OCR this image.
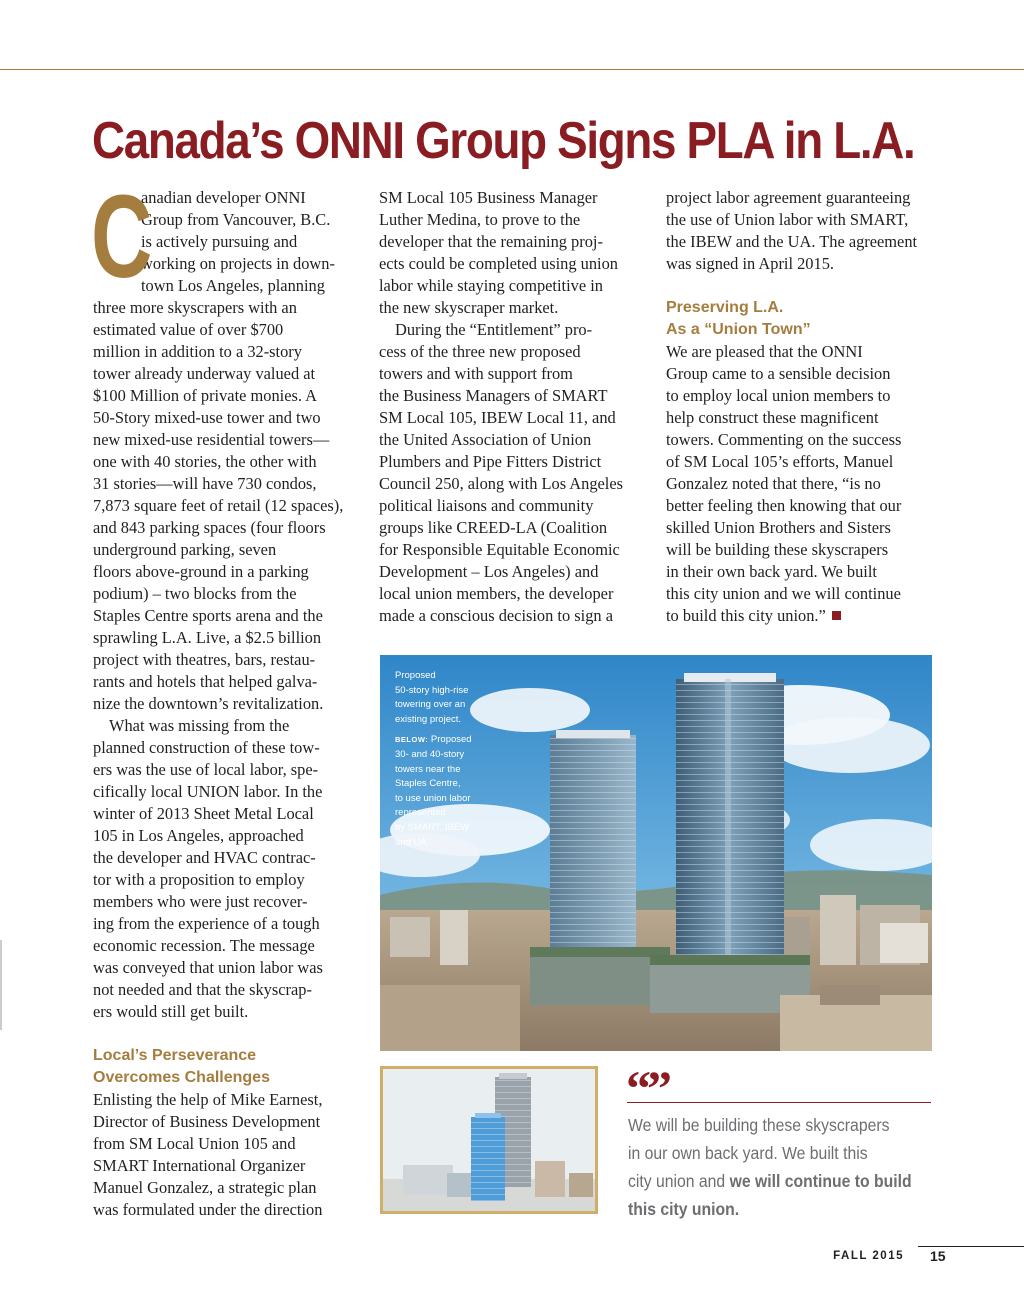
Canada’s ONNI Group Signs PLA in L.A.
C

anadian developer ONNI
Group from Vancouver, B.C.
is actively pursuing and
working on projects in down-
town Los Angeles, planning
three more skyscrapers with an
estimated value of over $700
million in addition to a 32-story
tower already underway valued at
$100 Million of private monies. A
50-Story mixed-use tower and two
new mixed-use residential towers—
one with 40 stories, the other with
31 stories—will have 730 condos,
7,873 square feet of retail (12 spaces),
and 843 parking spaces (four floors
underground parking, seven
floors above-ground in a parking
podium) – two blocks from the
Staples Centre sports arena and the
sprawling L.A. Live, a $2.5 billion
project with theatres, bars, restau-
rants and hotels that helped galva-
nize the downtown’s revitalization.

What was missing from the
planned construction of these tow-
ers was the use of local labor, spe-
cifically local UNION labor. In the
winter of 2013 Sheet Metal Local
105 in Los Angeles, approached
the developer and HVAC contrac-
tor with a proposition to employ
members who were just recover-
ing from the experience of a tough
economic recession. The message
was conveyed that union labor was
not needed and that the skyscrap-
ers would still get built.

Local’s Perseverance
Overcomes Challenges

Enlisting the help of Mike Earnest,
Director of Business Development
from SM Local Union 105 and
SMART International Organizer
Manuel Gonzalez, a strategic plan
was formulated under the direction

SM Local 105 Business Manager
Luther Medina, to prove to the
developer that the remaining proj-
ects could be completed using union
labor while staying competitive in
the new skyscraper market.

During the “Entitlement” pro-
cess of the three new proposed
towers and with support from
the Business Managers of SMART
SM Local 105, IBEW Local 11, and
the United Association of Union
Plumbers and Pipe Fitters District
Council 250, along with Los Angeles
political liaisons and community
groups like CREED-LA (Coalition
for Responsible Equitable Economic
Development – Los Angeles) and
local union members, the developer
made a conscious decision to sign a

project labor agreement guaranteeing
the use of Union labor with SMART,
the IBEW and the UA. The agreement
was signed in April 2015.

Preserving L.A.
As a “Union Town”

We are pleased that the ONNI
Group came to a sensible decision
to employ local union members to
help construct these magnificent
towers. Commenting on the success
of SM Local 105’s efforts, Manuel
Gonzalez noted that there, “is no
better feeling then knowing that our
skilled Union Brothers and Sisters
will be building these skyscrapers
in their own back yard. We built
this city union and we will continue
to build this city union.”

Proposed
50-story high-rise
towering over an
existing project.
BELOW: Proposed
30- and 40-story
towers near the
Staples Centre,
to use union labor
represented
by SMART, IBEW
and UA.
“”
We will be building these skyscrapers
in our own back yard. We built this
city union and we will continue to build
this city union.
FALL 2015 15
